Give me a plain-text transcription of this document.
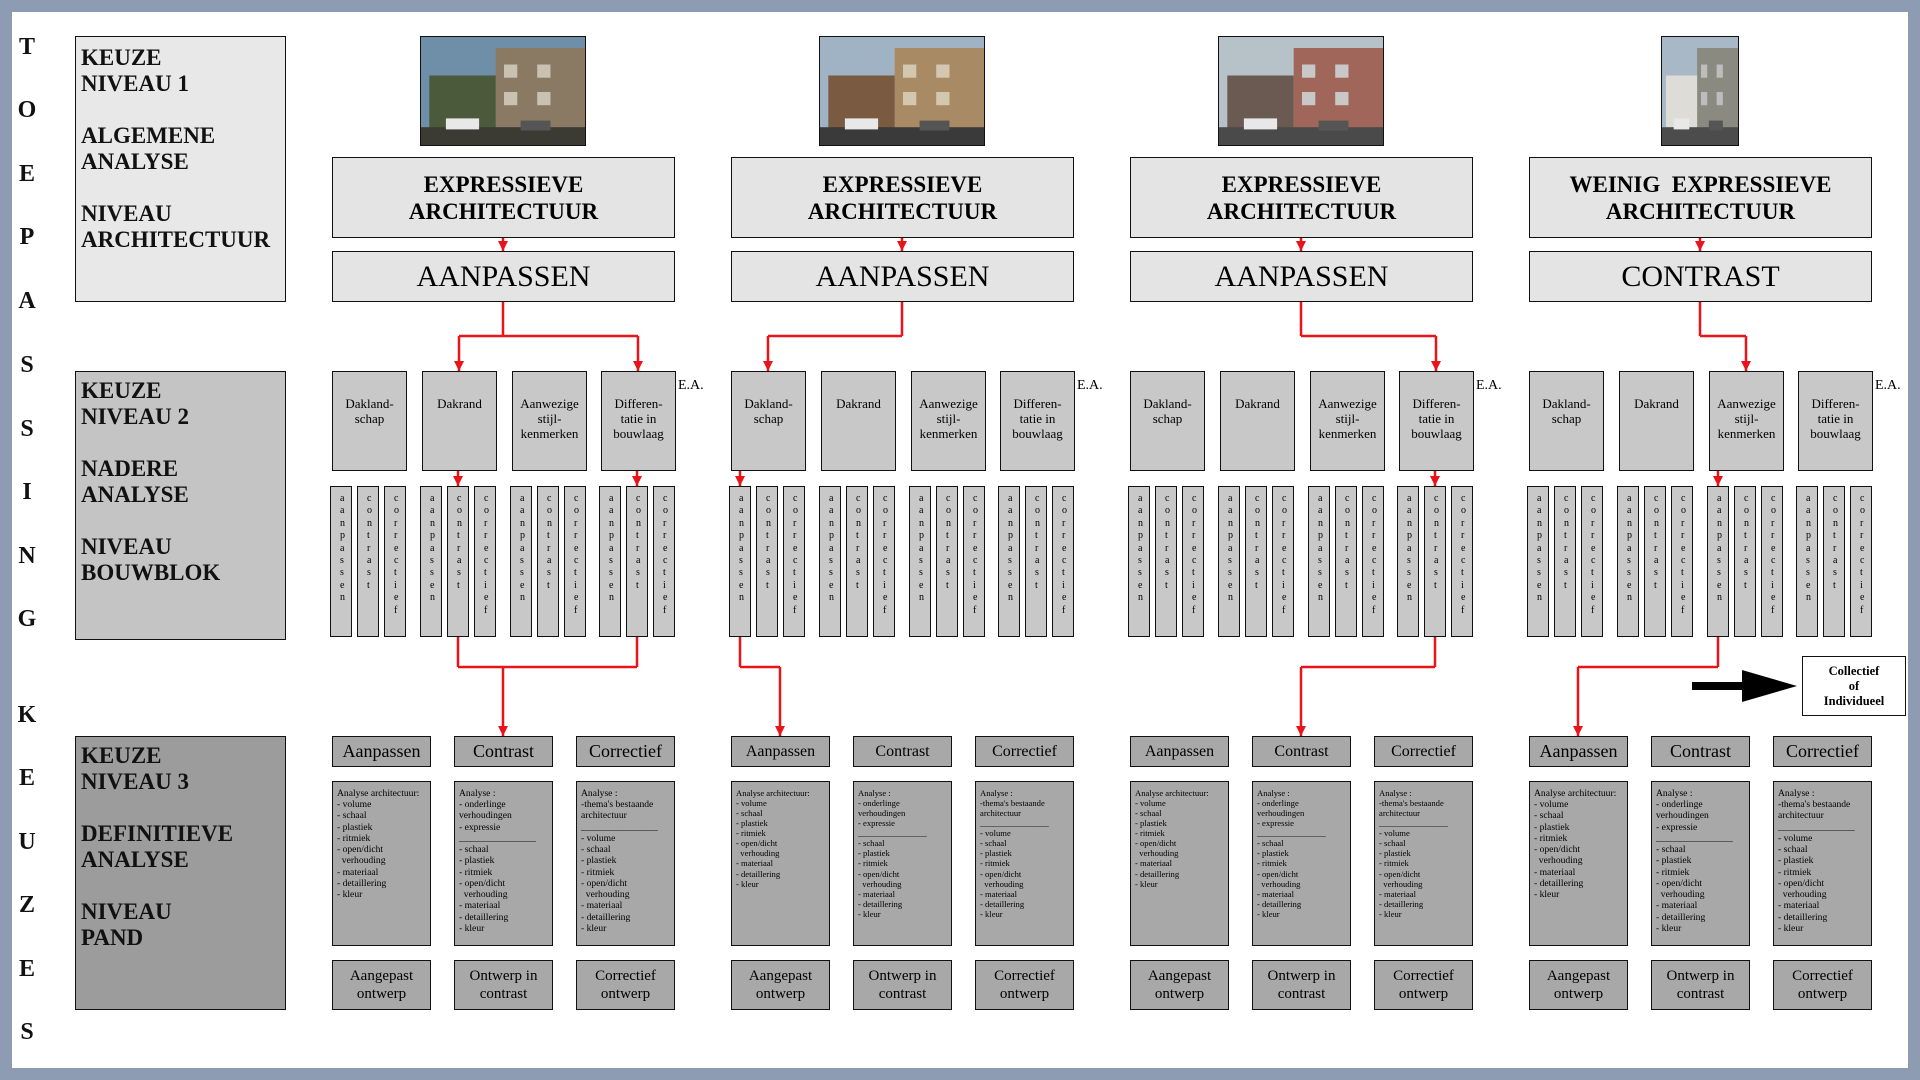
T
O
E
P
A
S
S
I
N
G
K
E
U
Z
E
S
KEUZE
NIVEAU 1

ALGEMENE
ANALYSE

NIVEAU
ARCHITECTUUR
KEUZE
NIVEAU 2

NADERE
ANALYSE

NIVEAU
BOUWBLOK
KEUZE
NIVEAU 3

DEFINITIEVE
ANALYSE

NIVEAU
PAND
EXPRESSIEVE
ARCHITECTUUR
AANPASSEN
Dakland-
schap
aanpassen
contrast
correctief
Dakrand
aanpassen
contrast
correctief
Aanwezige
stijl-
kenmerken
aanpassen
contrast
correctief
Differen-
tatie in
bouwlaag
aanpassen
contrast
correctief
E.A.
Aanpassen
Analyse architectuur:
- volume
- schaal
- plastiek
- ritmiek
- open/dicht
verhouding
- materiaal
- detaillering
- kleur
Aangepast
ontwerp
Contrast
Analyse :
- onderlinge
verhoudingen
- expressie
________________
- schaal
- plastiek
- ritmiek
- open/dicht
verhouding
- materiaal
- detaillering
- kleur
Ontwerp in
contrast
Correctief
Analyse :
-thema's bestaande
architectuur
________________
- volume
- schaal
- plastiek
- ritmiek
- open/dicht
verhouding
- materiaal
- detaillering
- kleur
Correctief
ontwerp
EXPRESSIEVE
ARCHITECTUUR
AANPASSEN
Dakland-
schap
aanpassen
contrast
correctief
Dakrand
aanpassen
contrast
correctief
Aanwezige
stijl-
kenmerken
aanpassen
contrast
correctief
Differen-
tatie in
bouwlaag
aanpassen
contrast
correctief
E.A.
Aanpassen
Analyse architectuur:
- volume
- schaal
- plastiek
- ritmiek
- open/dicht
verhouding
- materiaal
- detaillering
- kleur
Aangepast
ontwerp
Contrast
Analyse :
- onderlinge
verhoudingen
- expressie
________________
- schaal
- plastiek
- ritmiek
- open/dicht
verhouding
- materiaal
- detaillering
- kleur
Ontwerp in
contrast
Correctief
Analyse :
-thema's bestaande
architectuur
________________
- volume
- schaal
- plastiek
- ritmiek
- open/dicht
verhouding
- materiaal
- detaillering
- kleur
Correctief
ontwerp
EXPRESSIEVE
ARCHITECTUUR
AANPASSEN
Dakland-
schap
aanpassen
contrast
correctief
Dakrand
aanpassen
contrast
correctief
Aanwezige
stijl-
kenmerken
aanpassen
contrast
correctief
Differen-
tatie in
bouwlaag
aanpassen
contrast
correctief
E.A.
Aanpassen
Analyse architectuur:
- volume
- schaal
- plastiek
- ritmiek
- open/dicht
verhouding
- materiaal
- detaillering
- kleur
Aangepast
ontwerp
Contrast
Analyse :
- onderlinge
verhoudingen
- expressie
________________
- schaal
- plastiek
- ritmiek
- open/dicht
verhouding
- materiaal
- detaillering
- kleur
Ontwerp in
contrast
Correctief
Analyse :
-thema's bestaande
architectuur
________________
- volume
- schaal
- plastiek
- ritmiek
- open/dicht
verhouding
- materiaal
- detaillering
- kleur
Correctief
ontwerp
WEINIG  EXPRESSIEVE
ARCHITECTUUR
CONTRAST
Dakland-
schap
aanpassen
contrast
correctief
Dakrand
aanpassen
contrast
correctief
Aanwezige
stijl-
kenmerken
aanpassen
contrast
correctief
Differen-
tatie in
bouwlaag
aanpassen
contrast
correctief
E.A.
Aanpassen
Analyse architectuur:
- volume
- schaal
- plastiek
- ritmiek
- open/dicht
verhouding
- materiaal
- detaillering
- kleur
Aangepast
ontwerp
Contrast
Analyse :
- onderlinge
verhoudingen
- expressie
________________
- schaal
- plastiek
- ritmiek
- open/dicht
verhouding
- materiaal
- detaillering
- kleur
Ontwerp in
contrast
Correctief
Analyse :
-thema's bestaande
architectuur
________________
- volume
- schaal
- plastiek
- ritmiek
- open/dicht
verhouding
- materiaal
- detaillering
- kleur
Correctief
ontwerp
Collectief
of
Individueel
